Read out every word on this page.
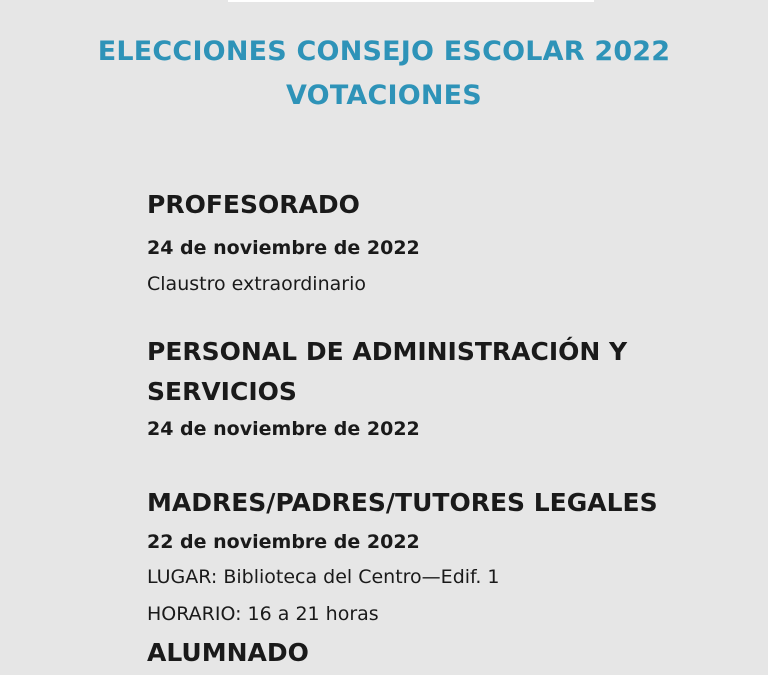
ELECCIONES CONSEJO ESCOLAR 2022
VOTACIONES
PROFESORADO
24 de noviembre de 2022
Claustro extraordinario
PERSONAL DE ADMINISTRACIÓN Y
SERVICIOS
24 de noviembre de 2022
MADRES/PADRES/TUTORES LEGALES
22 de noviembre de 2022
LUGAR: Biblioteca del Centro—Edif. 1
HORARIO: 16 a 21 horas
ALUMNADO
